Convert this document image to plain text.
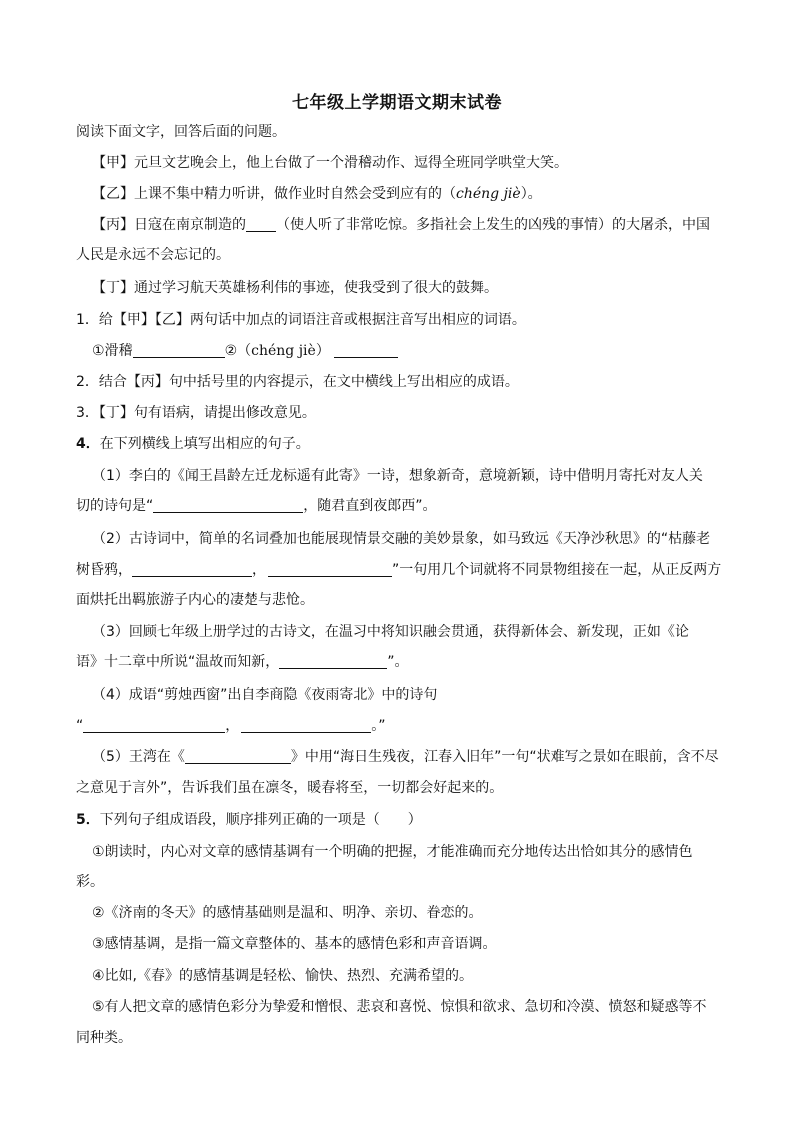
七年级上学期语文期末试卷
阅读下面文字，回答后面的问题。
【甲】元旦文艺晚会上，他上台做了一个滑稽动作、逗得全班同学哄堂大笑。
【乙】上课不集中精力听讲，做作业时自然会受到应有的（chéng jiè）。
【丙】日寇在南京制造的 （使人听了非常吃惊。多指社会上发生的凶残的事情）的大屠杀，中国
人民是永远不会忘记的。
【丁】通过学习航天英雄杨利伟的事迹，使我受到了很大的鼓舞。
1．给【甲】【乙】两句话中加点的词语注音或根据注音写出相应的词语。
①滑稽	②（chéng jiè）
2．结合【丙】句中括号里的内容提示，在文中横线上写出相应的成语。
3．【丁】句有语病，请提出修改意见。
4．在下列横线上填写出相应的句子。
（1）李白的《闻王昌龄左迁龙标遥有此寄》一诗，想象新奇，意境新颖，诗中借明月寄托对友人关
切的诗句是“	，随君直到夜郎西”。
（2）古诗词中，简单的名词叠加也能展现情景交融的美妙景象，如马致远《天净沙秋思》的“枯藤老
树昏鸦，	，	”一句用几个词就将不同景物组接在一起，从正反两方
面烘托出羁旅游子内心的凄楚与悲怆。
（3）回顾七年级上册学过的古诗文，在温习中将知识融会贯通，获得新体会、新发现，正如《论
语》十二章中所说“温故而知新，	”。
（4）成语“剪烛西窗”出自李商隐《夜雨寄北》中的诗句
“	，	。”
（5）王湾在《	》中用“海日生残夜，江春入旧年”一句“状难写之景如在眼前，含不尽
之意见于言外”，告诉我们虽在凛冬，暖春将至，一切都会好起来的。
5．下列句子组成语段，顺序排列正确的一项是（　　）
①朗读时，内心对文章的感情基调有一个明确的把握，才能准确而充分地传达出恰如其分的感情色
彩。
②《济南的冬天》的感情基础则是温和、明净、亲切、眷恋的。
③感情基调，是指一篇文章整体的、基本的感情色彩和声音语调。
④比如,《春》的感情基调是轻松、愉快、热烈、充满希望的。
⑤有人把文章的感情色彩分为挚爱和憎恨、悲哀和喜悦、惊惧和欲求、急切和冷漠、愤怒和疑惑等不
同种类。
